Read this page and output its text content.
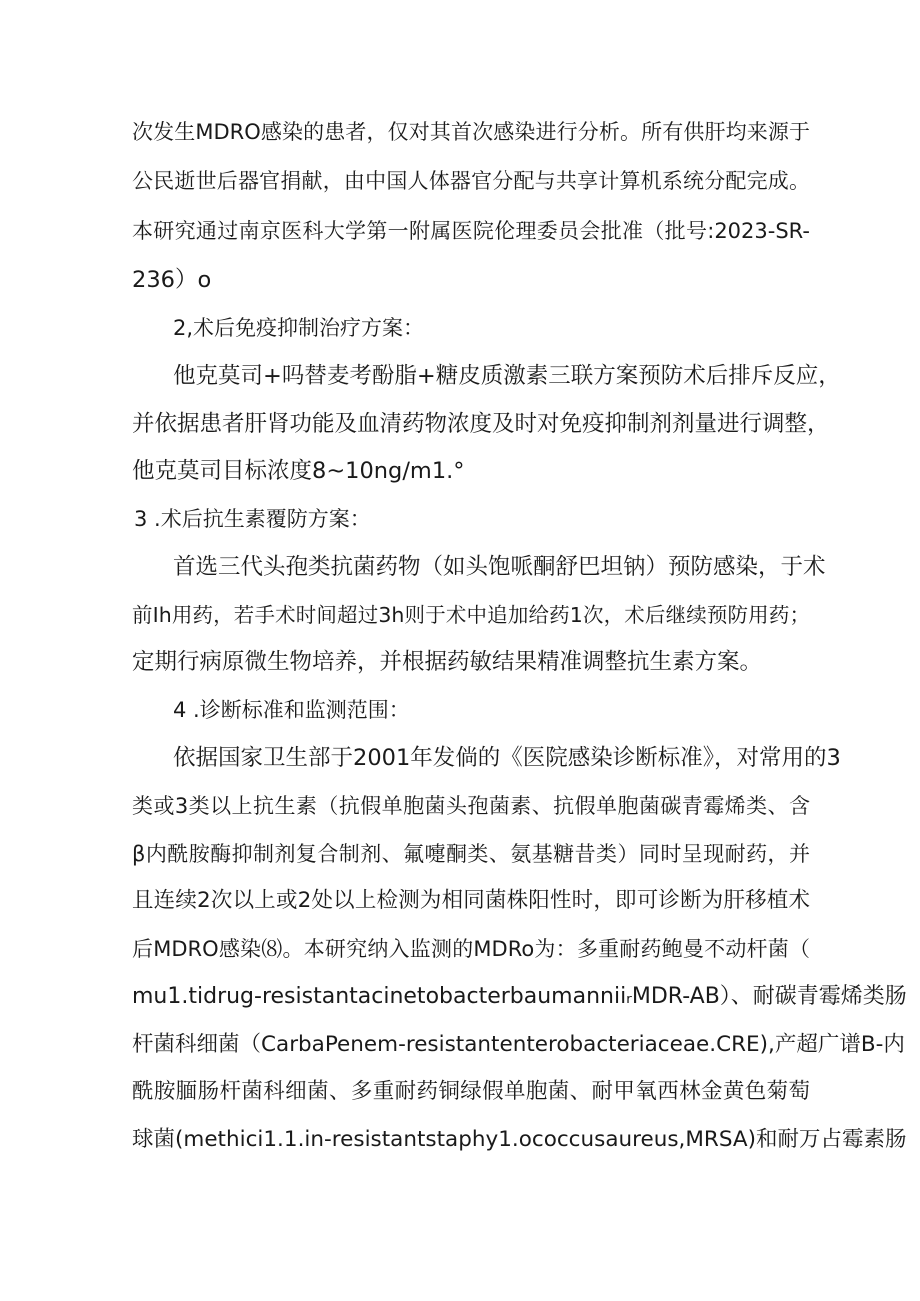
次发生MDRO感染的患者，仅对其首次感染进行分析。所有供肝均来源于
公民逝世后器官捐献，由中国人体器官分配与共享计算机系统分配完成。
本研究通过南京医科大学第一附属医院伦理委员会批准（批号:2023-SR-
236）o
2,术后免疫抑制治疗方案：
他克莫司+吗替麦考酚脂+糖皮质激素三联方案预防术后排斥反应，
并依据患者肝肾功能及血清药物浓度及时对免疫抑制剂剂量进行调整，
他克莫司目标浓度8~10ng∕m1.°
3 .术后抗生素覆防方案：
首选三代头孢类抗菌药物（如头饱哌酮舒巴坦钠）预防感染，于术
前Ih用药，若手术时间超过3h则于术中追加给药1次，术后继续预防用药；
定期行病原微生物培养，并根据药敏结果精准调整抗生素方案。
4 .诊断标准和监测范围：
依据国家卫生部于2001年发倘的《医院感染诊断标准》，对常用的3
类或3类以上抗生素（抗假单胞菌头孢菌素、抗假单胞菌碳青霉烯类、含
β内酰胺酶抑制剂复合制剂、氟嚏酮类、氨基糖昔类）同时呈现耐药，并
且连续2次以上或2处以上检测为相同菌株阳性时，即可诊断为肝移植术
后MDRO感染⑻。本研究纳入监测的MDRo为：多重耐药鲍曼不动杆菌（
mu1.tidrug-resistantacinetobacterbaumanniiᵣMDR-AB）、耐碳青霉烯类肠
杆菌科细菌（CarbaPenem-resistantenterobacteriaceae.CRE),产超广谱B-内
酰胺腼肠杆菌科细菌、多重耐药铜绿假单胞菌、耐甲氧西林金黄色菊萄
球菌(methici1.1.in-resistantstaphy1.ococcusaureus,MRSA)和耐万占霉素肠
